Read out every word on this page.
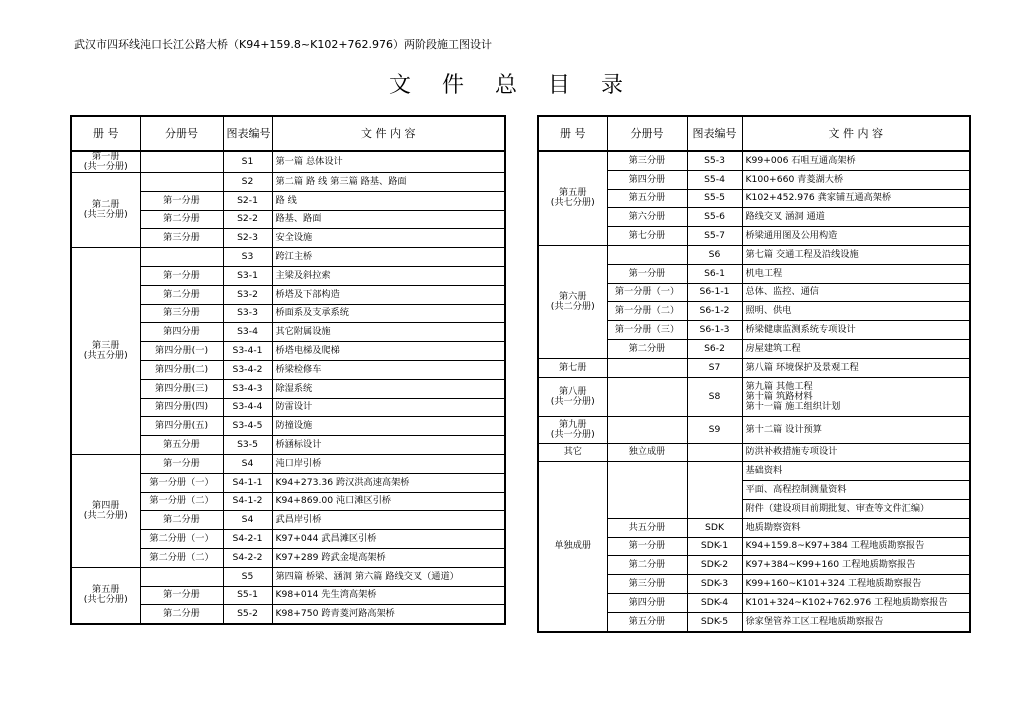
武汉市四环线沌口长江公路大桥（K94+159.8~K102+762.976）两阶段施工图设计
文 件 总 目 录
册 号	分册号	图表编号	文 件 内 容
第一册
(共一分册)		S1	第一篇 总体设计
第二册
(共三分册)		S2	第二篇 路 线 第三篇 路基、路面
	第一分册	S2-1	路 线
	第二分册	S2-2	路基、路面
	第三分册	S2-3	安全设施
第三册
(共五分册)		S3	跨江主桥
	第一分册	S3-1	主梁及斜拉索
	第二分册	S3-2	桥塔及下部构造
	第三分册	S3-3	桥面系及支承系统
	第四分册	S3-4	其它附属设施
	第四分册(一)	S3-4-1	桥塔电梯及爬梯
	第四分册(二)	S3-4-2	桥梁检修车
	第四分册(三)	S3-4-3	除湿系统
	第四分册(四)	S3-4-4	防雷设计
	第四分册(五)	S3-4-5	防撞设施
	第五分册	S3-5	桥涵标设计
第四册
(共二分册)	第一分册	S4	沌口岸引桥
	第一分册（一）	S4-1-1	K94+273.36 跨汉洪高速高架桥
	第一分册（二）	S4-1-2	K94+869.00 沌口滩区引桥
	第二分册	S4	武昌岸引桥
	第二分册（一）	S4-2-1	K97+044 武昌滩区引桥
	第二分册（二）	S4-2-2	K97+289 跨武金堤高架桥
第五册
(共七分册)		S5	第四篇 桥梁、涵洞 第六篇 路线交叉（通道）
	第一分册	S5-1	K98+014 先生湾高架桥
	第二分册	S5-2	K98+750 跨青菱河路高架桥
册 号	分册号	图表编号	文 件 内 容
第五册
(共七分册)	第三分册	S5-3	K99+006 石咀互通高架桥
	第四分册	S5-4	K100+660 青菱湖大桥
	第五分册	S5-5	K102+452.976 龚家铺互通高架桥
	第六分册	S5-6	路线交叉 涵洞 通道
	第七分册	S5-7	桥梁通用图及公用构造
第六册
(共二分册)		S6	第七篇 交通工程及沿线设施
	第一分册	S6-1	机电工程
	第一分册（一）	S6-1-1	总体、监控、通信
	第一分册（二）	S6-1-2	照明、供电
	第一分册（三）	S6-1-3	桥梁健康监测系统专项设计
	第二分册	S6-2	房屋建筑工程
第七册		S7	第八篇 环境保护及景观工程
第八册
(共一分册)		S8	第九篇 其他工程
第十篇 筑路材料
第十一篇 施工组织计划
第九册
(共一分册)		S9	第十二篇 设计预算
其它	独立成册		防洪补救措施专项设计
单独成册			基础资料
			平面、高程控制测量资料
			附件（建设项目前期批复、审查等文件汇编）
	共五分册	SDK	地质勘察资料
	第一分册	SDK-1	K94+159.8~K97+384 工程地质勘察报告
	第二分册	SDK-2	K97+384~K99+160 工程地质勘察报告
	第三分册	SDK-3	K99+160~K101+324 工程地质勘察报告
	第四分册	SDK-4	K101+324~K102+762.976 工程地质勘察报告
	第五分册	SDK-5	徐家堡管养工区工程地质勘察报告
